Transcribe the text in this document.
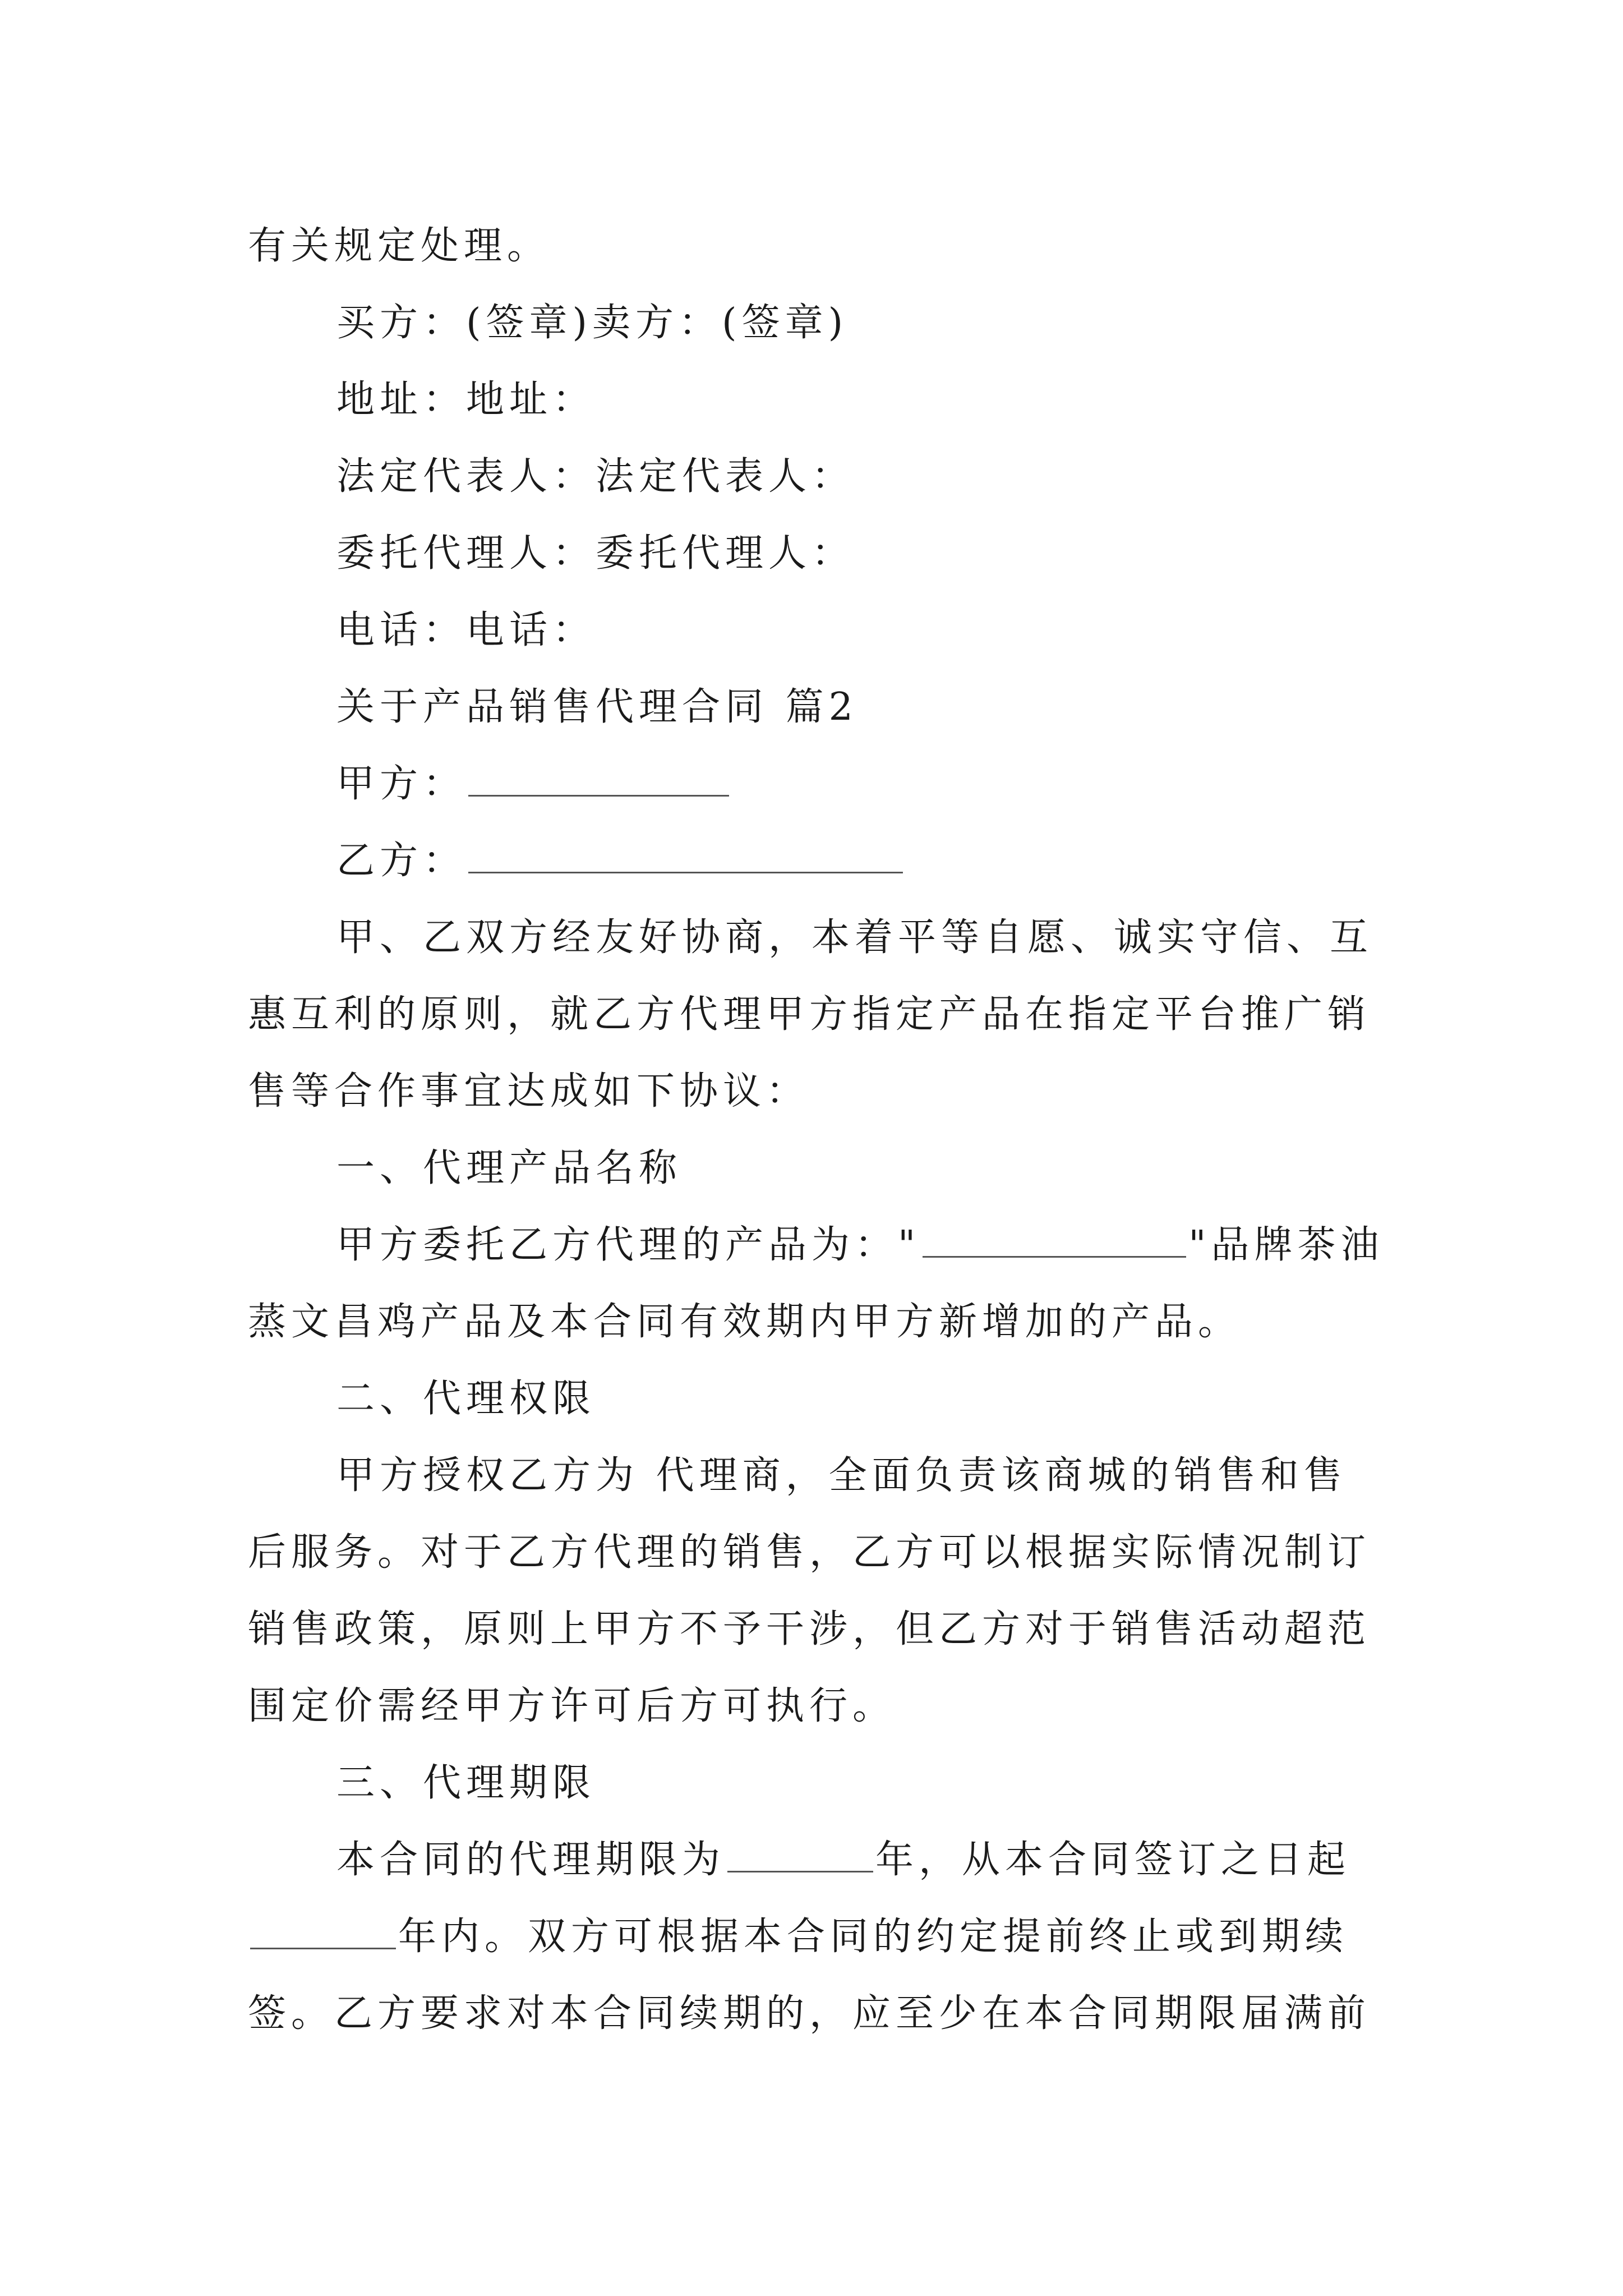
有关规定处理。
买方：(签章)卖方：(签章)
地址：地址：
法定代表人：法定代表人：
委托代理人：委托代理人：
电话：电话：
关于产品销售代理合同 篇2
甲方：
乙方：
甲、乙双方经友好协商，本着平等自愿、诚实守信、互
惠互利的原则，就乙方代理甲方指定产品在指定平台推广销
售等合作事宜达成如下协议：
一、代理产品名称
甲方委托乙方代理的产品为："	"品牌茶油
蒸文昌鸡产品及本合同有效期内甲方新增加的产品。
二、代理权限
甲方授权乙方为 代理商，全面负责该商城的销售和售
后服务。对于乙方代理的销售，乙方可以根据实际情况制订
销售政策，原则上甲方不予干涉，但乙方对于销售活动超范
围定价需经甲方许可后方可执行。
三、代理期限
本合同的代理期限为	年，从本合同签订之日起
年内。双方可根据本合同的约定提前终止或到期续
签。乙方要求对本合同续期的，应至少在本合同期限届满前
